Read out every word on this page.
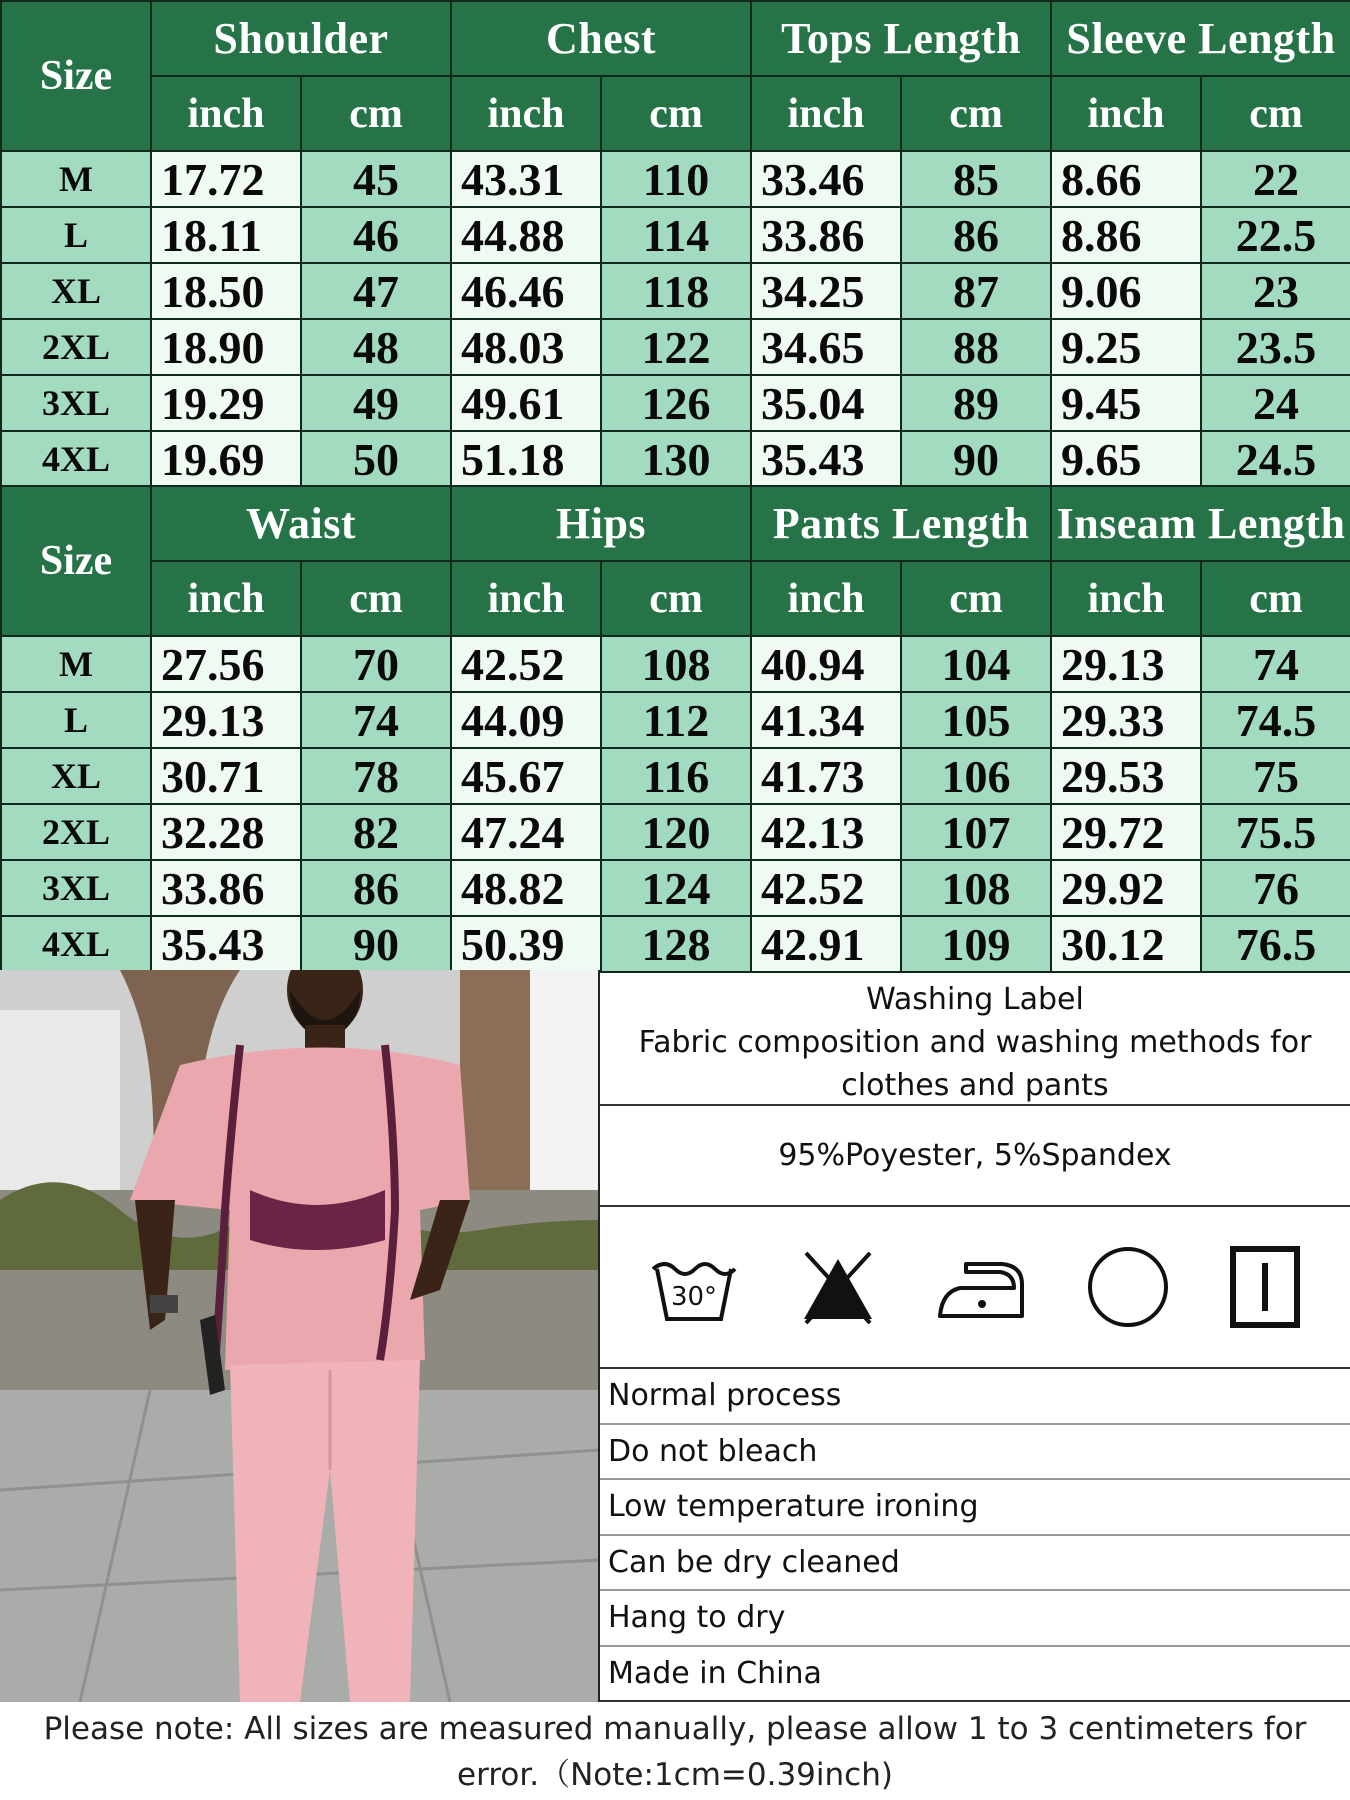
Size	Shoulder		Chest		Tops Length		Sleeve Length	
	inch	cm	inch	cm	inch	cm	inch	cm
M	17.72	45	43.31	110	33.46	85	8.66	22
L	18.11	46	44.88	114	33.86	86	8.86	22.5
XL	18.50	47	46.46	118	34.25	87	9.06	23
2XL	18.90	48	48.03	122	34.65	88	9.25	23.5
3XL	19.29	49	49.61	126	35.04	89	9.45	24
4XL	19.69	50	51.18	130	35.43	90	9.65	24.5
Size	Waist		Hips		Pants Length		Inseam Length	
	inch	cm	inch	cm	inch	cm	inch	cm
M	27.56	70	42.52	108	40.94	104	29.13	74
L	29.13	74	44.09	112	41.34	105	29.33	74.5
XL	30.71	78	45.67	116	41.73	106	29.53	75
2XL	32.28	82	47.24	120	42.13	107	29.72	75.5
3XL	33.86	86	48.82	124	42.52	108	29.92	76
4XL	35.43	90	50.39	128	42.91	109	30.12	76.5
Washing Label
Fabric composition and washing methods for
clothes and pants
95%Poyester, 5%Spandex
30°
Normal process
Do not bleach
Low temperature ironing
Can be dry cleaned
Hang to dry
Made in China
Please note: All sizes are measured manually, please allow 1 to 3 centimeters for
error.（Note:1cm=0.39inch)
